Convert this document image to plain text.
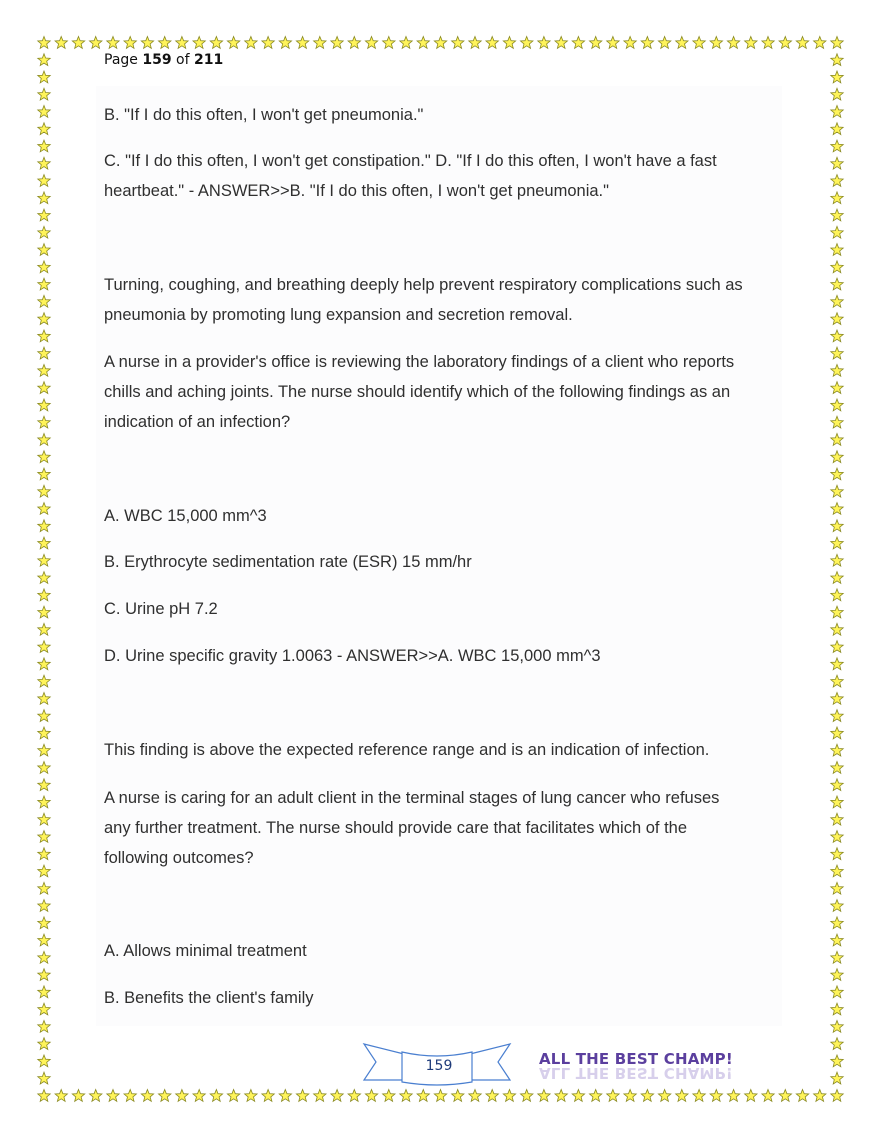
Page 159 of 211

B. "If I do this often, I won't get pneumonia."

C. "If I do this often, I won't get constipation." D. "If I do this often, I won't have a fast

heartbeat." - ANSWER>>B. "If I do this often, I won't get pneumonia."

Turning, coughing, and breathing deeply help prevent respiratory complications such as

pneumonia by promoting lung expansion and secretion removal.

A nurse in a provider's office is reviewing the laboratory findings of a client who reports

chills and aching joints. The nurse should identify which of the following findings as an

indication of an infection?

A. WBC 15,000 mm^3

B. Erythrocyte sedimentation rate (ESR) 15 mm/hr

C. Urine pH 7.2

D. Urine specific gravity 1.0063 - ANSWER>>A. WBC 15,000 mm^3

This finding is above the expected reference range and is an indication of infection.

A nurse is caring for an adult client in the terminal stages of lung cancer who refuses

any further treatment. The nurse should provide care that facilitates which of the

following outcomes?

A. Allows minimal treatment

B. Benefits the client's family

159	ALL THE BEST CHAMP!
ALL THE BEST CHAMP!
